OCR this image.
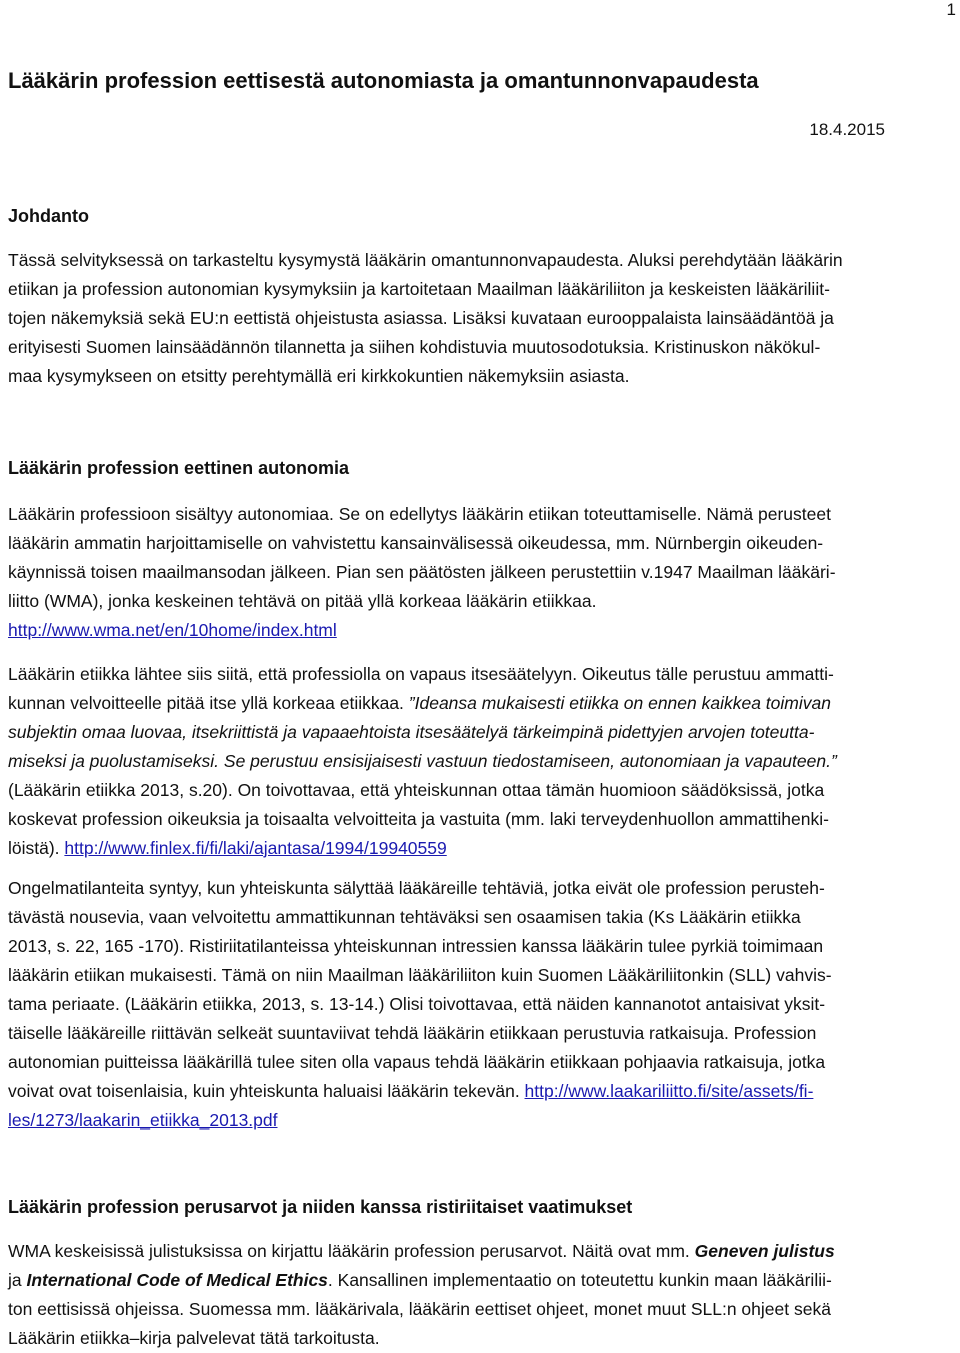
1
Lääkärin profession eettisestä autonomiasta ja omantunnonvapaudesta
18.4.2015
Johdanto
Tässä selvityksessä on tarkasteltu kysymystä lääkärin omantunnonvapaudesta. Aluksi perehdytään lääkärin
etiikan ja profession autonomian kysymyksiin ja kartoitetaan Maailman lääkäriliiton ja keskeisten lääkäriliit-
tojen näkemyksiä sekä EU:n eettistä ohjeistusta asiassa. Lisäksi kuvataan eurooppalaista lainsäädäntöä ja
erityisesti Suomen lainsäädännön tilannetta ja siihen kohdistuvia muutosodotuksia. Kristinuskon näkökul-
maa kysymykseen on etsitty perehtymällä eri kirkkokuntien näkemyksiin asiasta.
Lääkärin profession eettinen autonomia
Lääkärin professioon sisältyy autonomiaa. Se on edellytys lääkärin etiikan toteuttamiselle. Nämä perusteet
lääkärin ammatin harjoittamiselle on vahvistettu kansainvälisessä oikeudessa, mm. Nürnbergin oikeuden-
käynnissä toisen maailmansodan jälkeen. Pian sen päätösten jälkeen perustettiin v.1947 Maailman lääkäri-
liitto (WMA), jonka keskeinen tehtävä on pitää yllä korkeaa lääkärin etiikkaa.
http://www.wma.net/en/10home/index.html
Lääkärin etiikka lähtee siis siitä, että professiolla on vapaus itsesäätelyyn. Oikeutus tälle perustuu ammatti-
kunnan velvoitteelle pitää itse yllä korkeaa etiikkaa. ”Ideansa mukaisesti etiikka on ennen kaikkea toimivan
subjektin omaa luovaa, itsekriittistä ja vapaaehtoista itsesäätelyä tärkeimpinä pidettyjen arvojen toteutta-
miseksi ja puolustamiseksi. Se perustuu ensisijaisesti vastuun tiedostamiseen, autonomiaan ja vapauteen.”
(Lääkärin etiikka 2013, s.20). On toivottavaa, että yhteiskunnan ottaa tämän huomioon säädöksissä, jotka
koskevat profession oikeuksia ja toisaalta velvoitteita ja vastuita (mm. laki terveydenhuollon ammattihenki-
löistä). http://www.finlex.fi/fi/laki/ajantasa/1994/19940559
Ongelmatilanteita syntyy, kun yhteiskunta sälyttää lääkäreille tehtäviä, jotka eivät ole profession perusteh-
tävästä nousevia, vaan velvoitettu ammattikunnan tehtäväksi sen osaamisen takia (Ks Lääkärin etiikka
2013, s. 22, 165 -170). Ristiriitatilanteissa yhteiskunnan intressien kanssa lääkärin tulee pyrkiä toimimaan
lääkärin etiikan mukaisesti. Tämä on niin Maailman lääkäriliiton kuin Suomen Lääkäriliitonkin (SLL) vahvis-
tama periaate. (Lääkärin etiikka, 2013, s. 13-14.) Olisi toivottavaa, että näiden kannanotot antaisivat yksit-
täiselle lääkäreille riittävän selkeät suuntaviivat tehdä lääkärin etiikkaan perustuvia ratkaisuja. Profession
autonomian puitteissa lääkärillä tulee siten olla vapaus tehdä lääkärin etiikkaan pohjaavia ratkaisuja, jotka
voivat ovat toisenlaisia, kuin yhteiskunta haluaisi lääkärin tekevän. http://www.laakariliitto.fi/site/assets/fi-
les/1273/laakarin_etiikka_2013.pdf
Lääkärin profession perusarvot ja niiden kanssa ristiriitaiset vaatimukset
WMA keskeisissä julistuksissa on kirjattu lääkärin profession perusarvot. Näitä ovat mm. Geneven julistus
ja International Code of Medical Ethics. Kansallinen implementaatio on toteutettu kunkin maan lääkärilii-
ton eettisissä ohjeissa. Suomessa mm. lääkärivala, lääkärin eettiset ohjeet, monet muut SLL:n ohjeet sekä
Lääkärin etiikka–kirja palvelevat tätä tarkoitusta.
